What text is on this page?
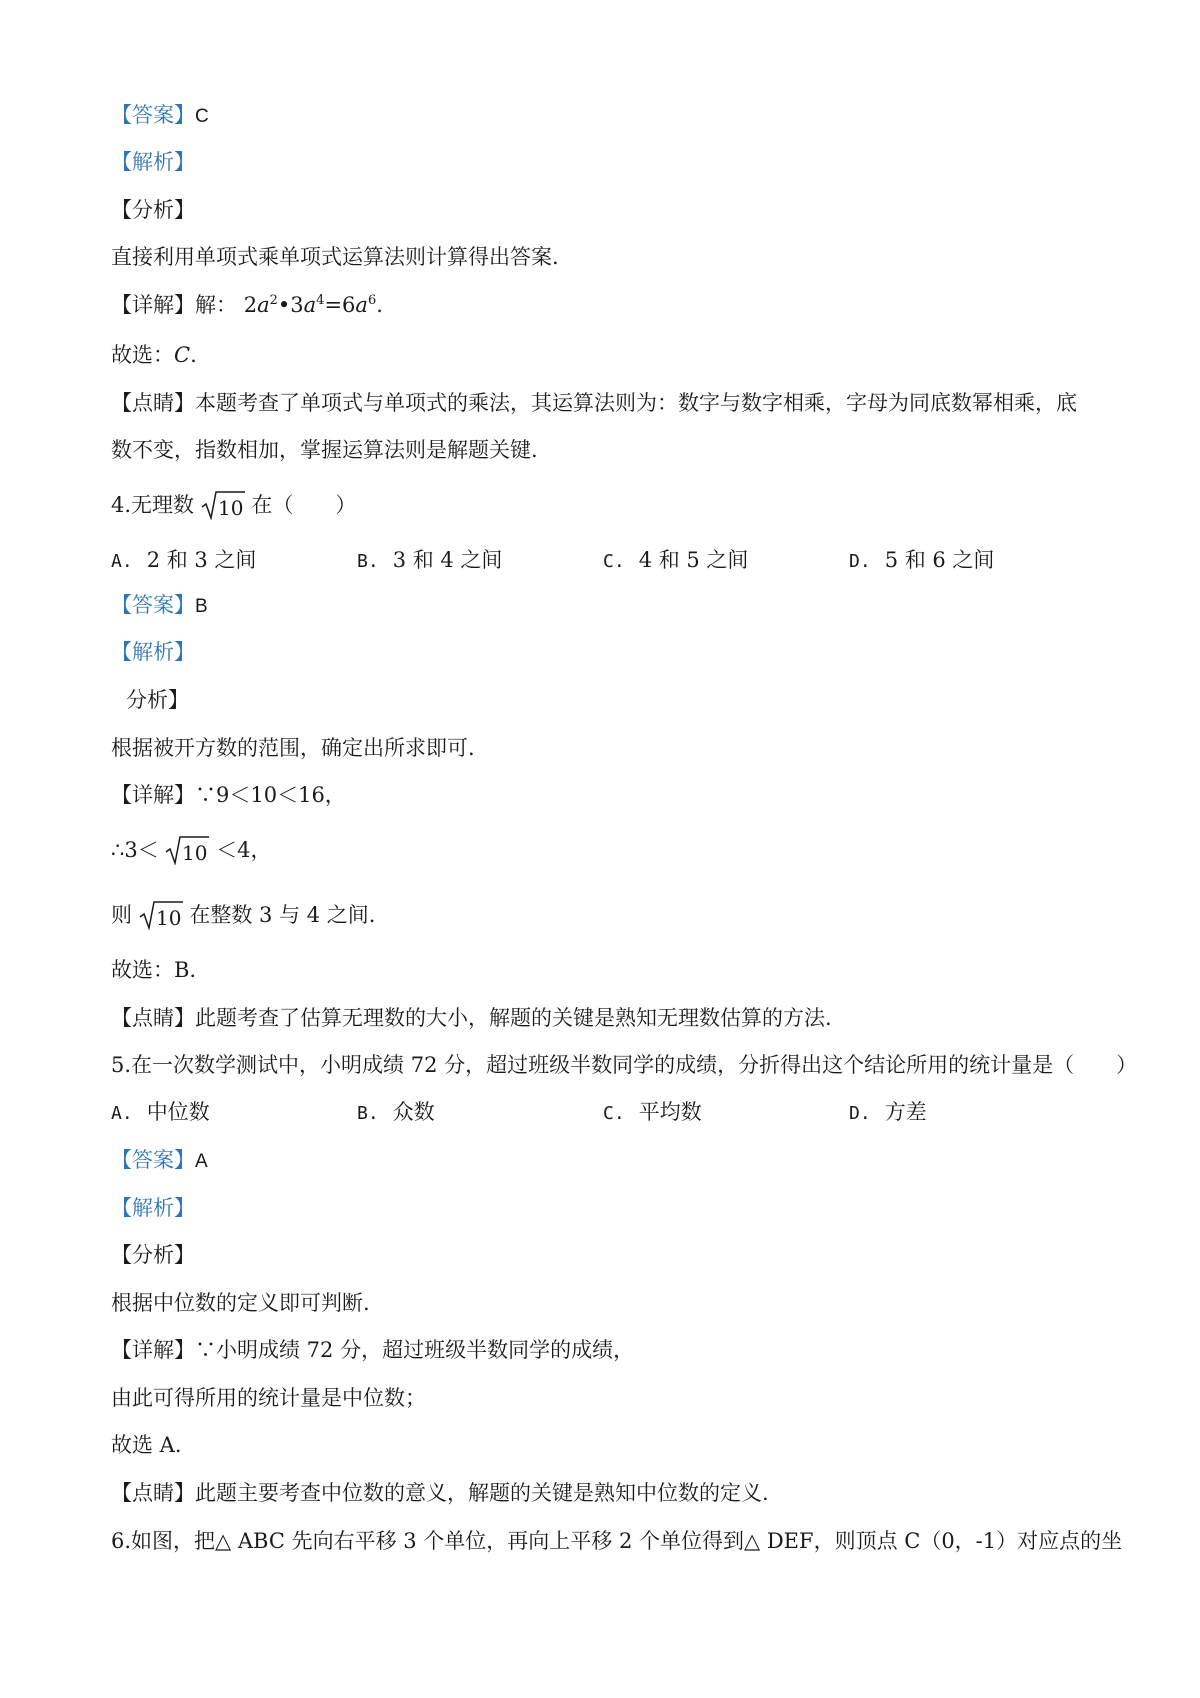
【答案】C
【解析】
【分析】
直接利用单项式乘单项式运算法则计算得出答案.
【详解】解： $2a^2•3a^4=6a^6$.
故选：C.
【点睛】本题考查了单项式与单项式的乘法，其运算法则为：数字与数字相乘，字母为同底数幂相乘，底
数不变，指数相加，掌握运算法则是解题关键.
4.无理数 10 在（　　）
A. 2 和 3 之间	B. 3 和 4 之间	C. 4 和 5 之间	D. 5 和 6 之间
【答案】B
【解析】
分析】
根据被开方数的范围，确定出所求即可.
【详解】∵9＜10＜16，
∴3＜ 10 ＜4，
则 10 在整数 3 与 4 之间.
故选：B.
【点睛】此题考查了估算无理数的大小，解题的关键是熟知无理数估算的方法.
5.在一次数学测试中，小明成绩 72 分，超过班级半数同学的成绩，分折得出这个结论所用的统计量是（　　）
A. 中位数	B. 众数	C. 平均数	D. 方差
【答案】A
【解析】
【分析】
根据中位数的定义即可判断.
【详解】∵小明成绩 72 分，超过班级半数同学的成绩，
由此可得所用的统计量是中位数；
故选 A.
【点睛】此题主要考查中位数的意义，解题的关键是熟知中位数的定义.
6.如图，把△ ABC 先向右平移 3 个单位，再向上平移 2 个单位得到△ DEF，则顶点 C（0，-1）对应点的坐
